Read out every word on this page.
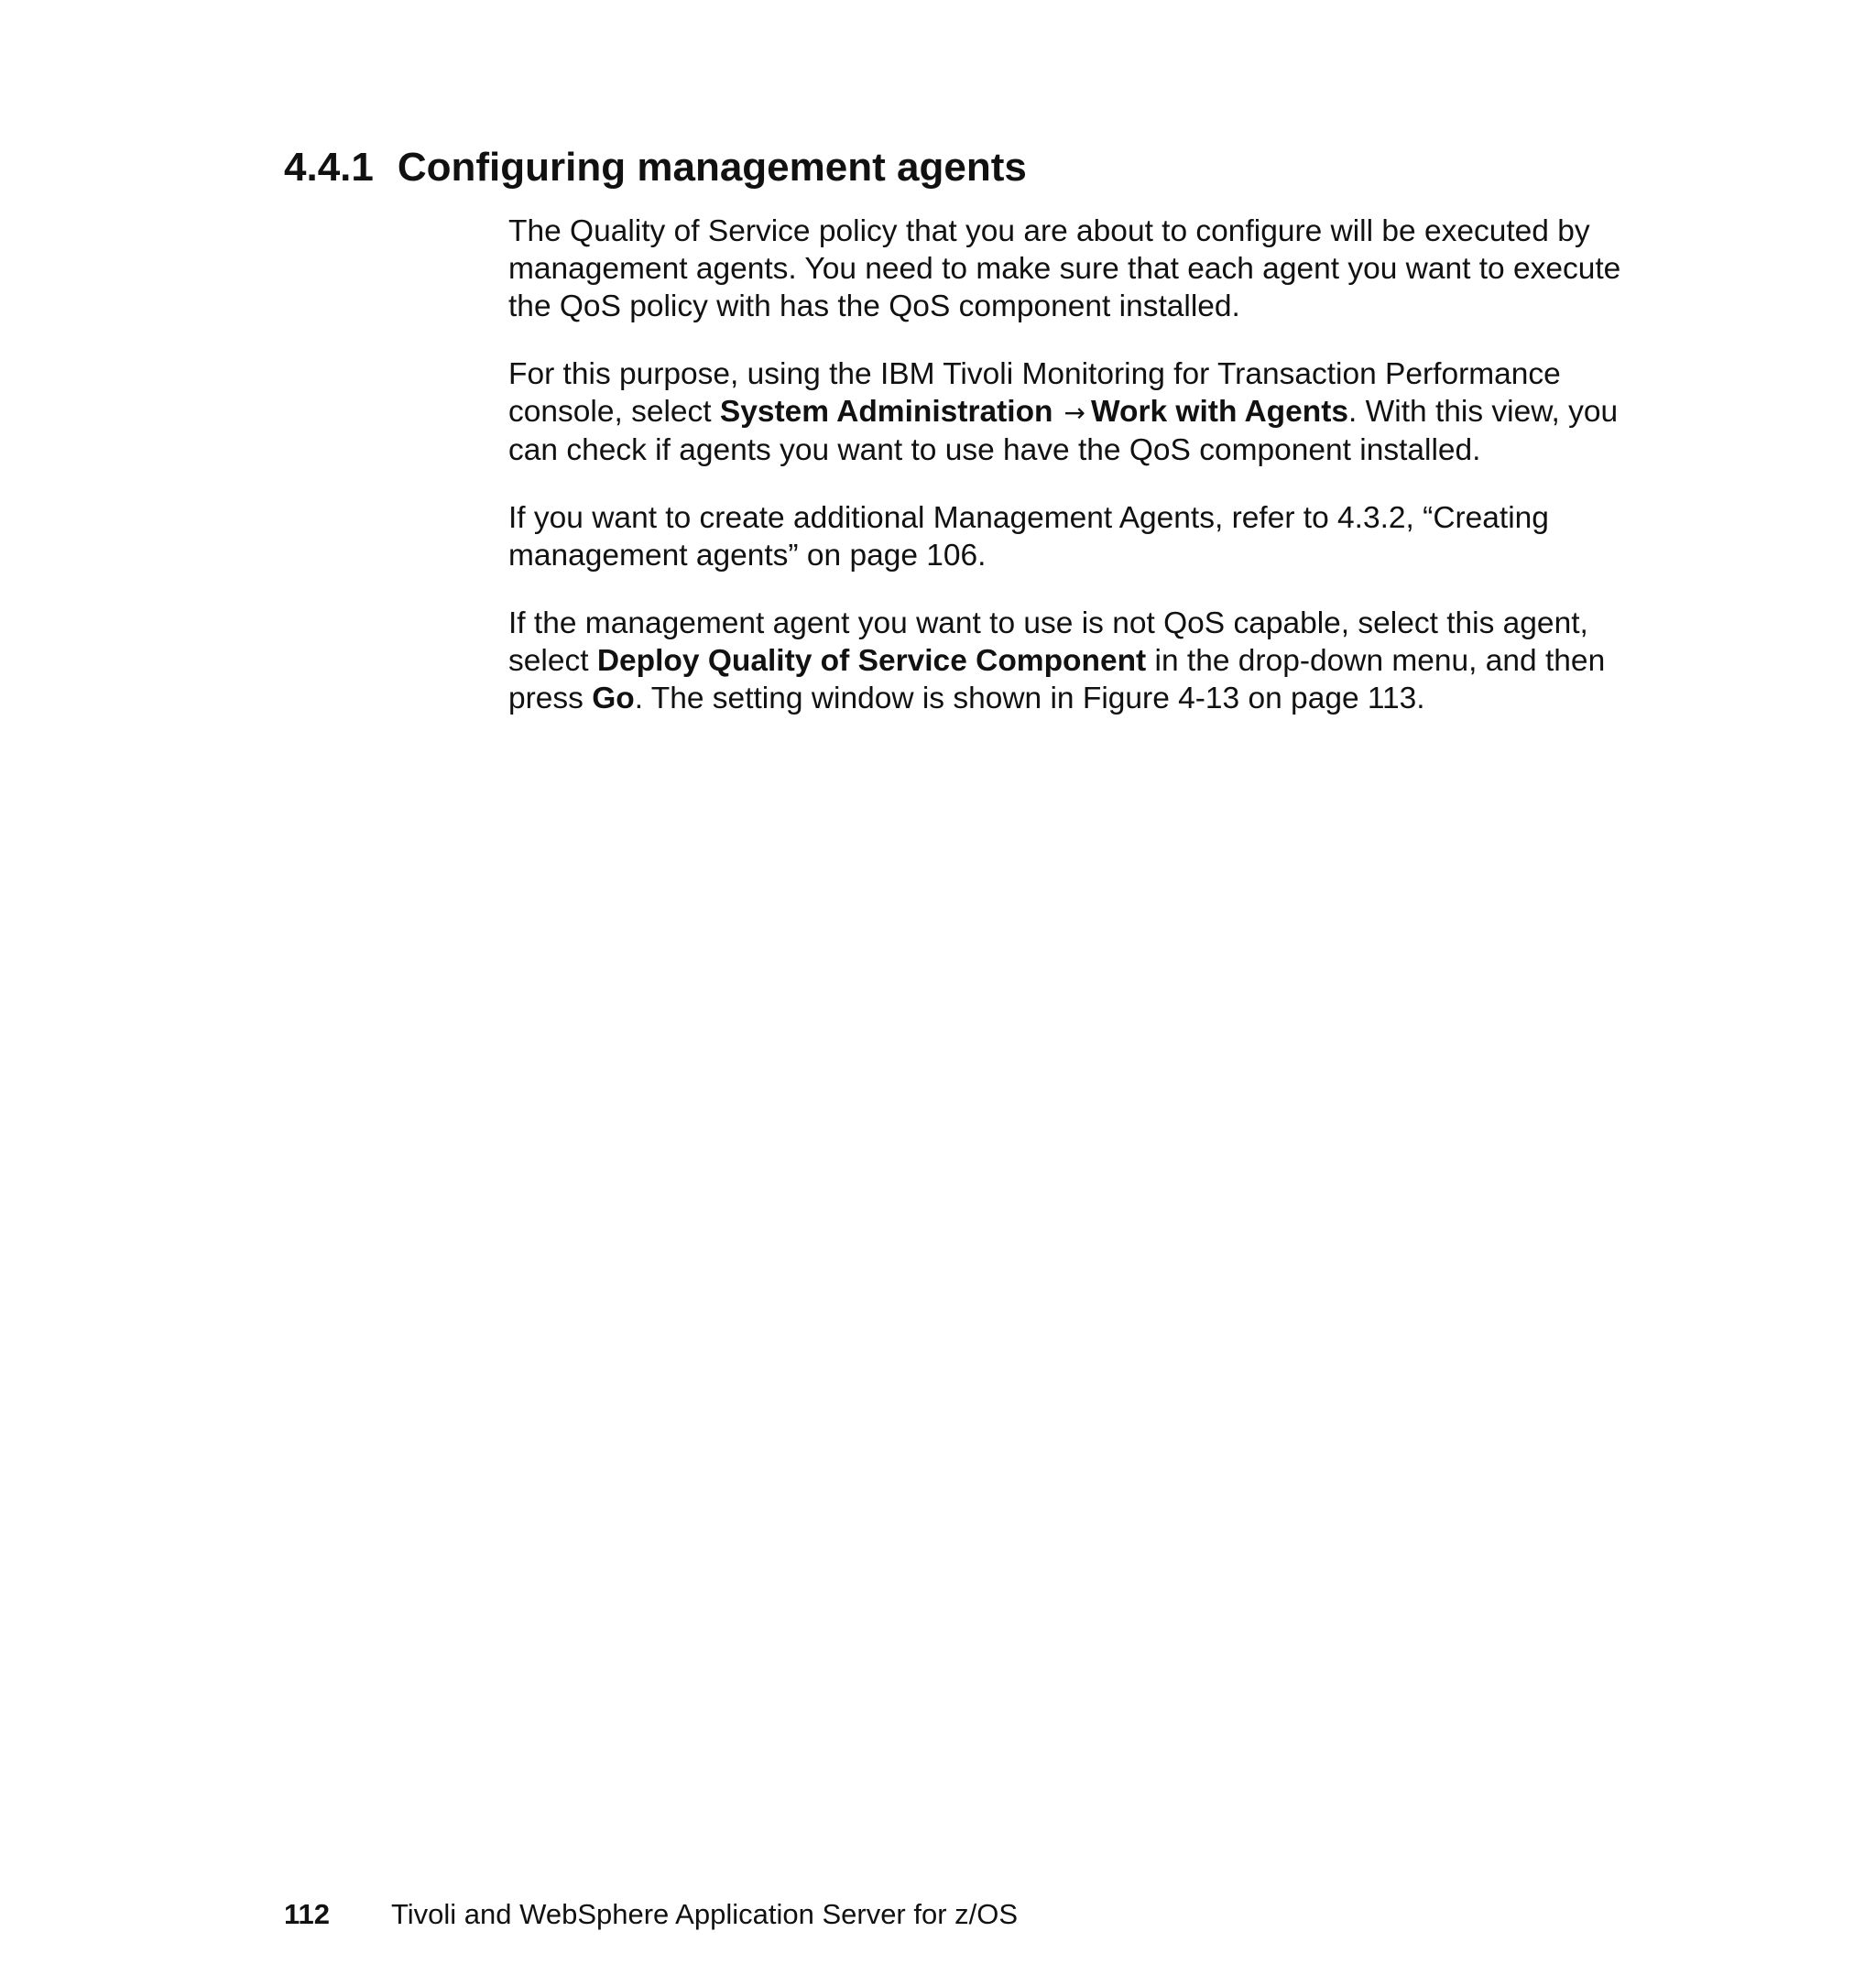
4.4.1 Configuring management agents

The Quality of Service policy that you are about to configure will be executed by management agents. You need to make sure that each agent you want to execute the QoS policy with has the QoS component installed.

For this purpose, using the IBM Tivoli Monitoring for Transaction Performance console, select System Administration → Work with Agents. With this view, you can check if agents you want to use have the QoS component installed.

If you want to create additional Management Agents, refer to 4.3.2, “Creating management agents” on page 106.

If the management agent you want to use is not QoS capable, select this agent, select Deploy Quality of Service Component in the drop-down menu, and then press Go. The setting window is shown in Figure 4-13 on page 113.

112 Tivoli and WebSphere Application Server for z/OS
